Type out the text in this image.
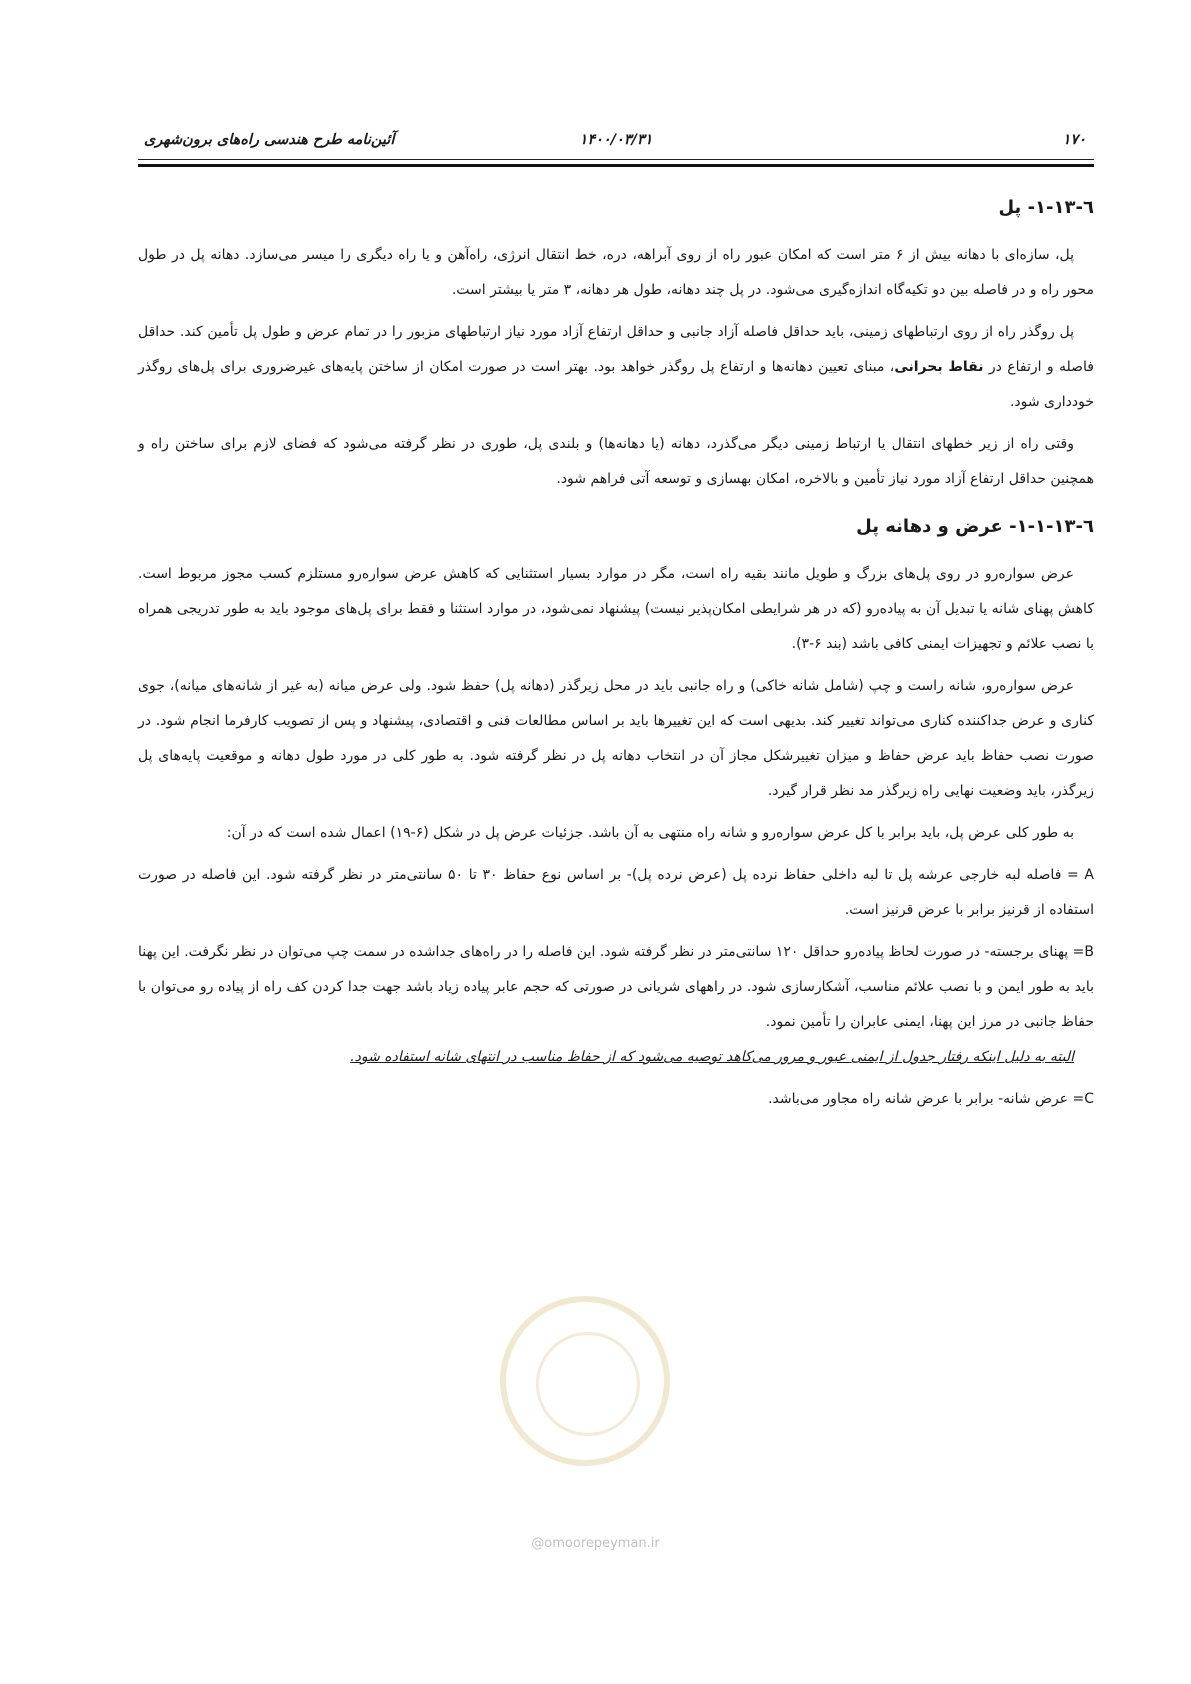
۱۷۰
۱۴۰۰/۰۳/۳۱
آئین‌نامه طرح هندسی راه‌های برون‌شهری
@omoorepeyman.ir
٦-١٣-١- پل

پل، سازه‌ای با دهانه بیش از ۶ متر است که امکان عبور راه از روی آبراهه، دره، خط انتقال انرژی، راه‌آهن و یا راه دیگری را میسر می‌سازد. دهانه پل در طول محور راه و در فاصله بین دو تکیه‌گاه اندازه‌گیری می‌شود. در پل چند دهانه، طول هر دهانه، ۳ متر یا بیشتر است.

پل روگذر راه از روی ارتباطهای زمینی، باید حداقل فاصله آزاد جانبی و حداقل ارتفاع آزاد مورد نیاز ارتباطهای مزبور را در تمام عرض و طول پل تأمین کند. حداقل فاصله و ارتفاع در نقاط بحرانی، مبنای تعیین دهانه‌ها و ارتفاع پل روگذر خواهد بود. بهتر است در صورت امکان از ساختن پایه‌های غیرضروری برای پل‌های روگذر خودداری شود.

وقتی راه از زیر خطهای انتقال یا ارتباط زمینی دیگر می‌گذرد، دهانه (یا دهانه‌ها) و بلندی پل، طوری در نظر گرفته می‌شود که فضای لازم برای ساختن راه و همچنین حداقل ارتفاع آزاد مورد نیاز تأمین و بالاخره، امکان بهسازی و توسعه آتی فراهم شود.

٦-١٣-١-١- عرض و دهانه پل

عرض سواره‌رو در روی پل‌های بزرگ و طویل مانند بقیه راه است، مگر در موارد بسیار استثنایی که کاهش عرض سواره‌رو مستلزم کسب مجوز مربوط است. کاهش پهنای شانه یا تبدیل آن به پیاده‌رو (که در هر شرایطی امکان‌پذیر نیست) پیشنهاد نمی‌شود، در موارد استثنا و فقط برای پل‌های موجود باید به طور تدریجی همراه با نصب علائم و تجهیزات ایمنی کافی باشد (بند ۶-۳).

عرض سواره‌رو، شانه راست و چپ (شامل شانه خاکی) و راه جانبی باید در محل زیرگذر (دهانه پل) حفظ شود. ولی عرض میانه (به غیر از شانه‌های میانه)، جوی کناری و عرض جداکننده کناری می‌تواند تغییر کند. بدیهی است که این تغییرها باید بر اساس مطالعات فنی و اقتصادی، پیشنهاد و پس از تصویب کارفرما انجام شود. در صورت نصب حفاظ باید عرض حفاظ و میزان تغییرشکل مجاز آن در انتخاب دهانه پل در نظر گرفته شود. به طور کلی در مورد طول دهانه و موقعیت پایه‌های پل زیرگذر، باید وضعیت نهایی راه زیرگذر مد نظر قرار گیرد.

به طور کلی عرض پل، باید برابر با کل عرض سواره‌رو و شانه راه منتهی به آن باشد. جزئیات عرض پل در شکل (۶-۱۹) اعمال شده است که در آن:

A = فاصله لبه خارجی عرشه پل تا لبه داخلی حفاظ نرده پل (عرض نرده پل)- بر اساس نوع حفاظ ۳۰ تا ۵۰ سانتی‌متر در نظر گرفته شود. این فاصله در صورت استفاده از قرنیز برابر با عرض قرنیز است.

B= پهنای برجسته- در صورت لحاظ پیاده‌رو حداقل ۱۲۰ سانتی‌متر در نظر گرفته شود. این فاصله را در راه‌های جداشده در سمت چپ می‌توان در نظر نگرفت. این پهنا باید به طور ایمن و با نصب علائم مناسب، آشکارسازی شود. در راههای شریانی در صورتی که حجم عابر پیاده زیاد باشد جهت جدا کردن کف راه از پیاده رو می‌توان با حفاظ جانبی در مرز این پهنا، ایمنی عابران را تأمین نمود.

البته به دلیل اینکه رفتار جدول از ایمنی عبور و مرور می‌کاهد توصیه می‌شود که از حفاظ مناسب در انتهای شانه استفاده شود.

C= عرض شانه- برابر با عرض شانه راه مجاور می‌باشد.
